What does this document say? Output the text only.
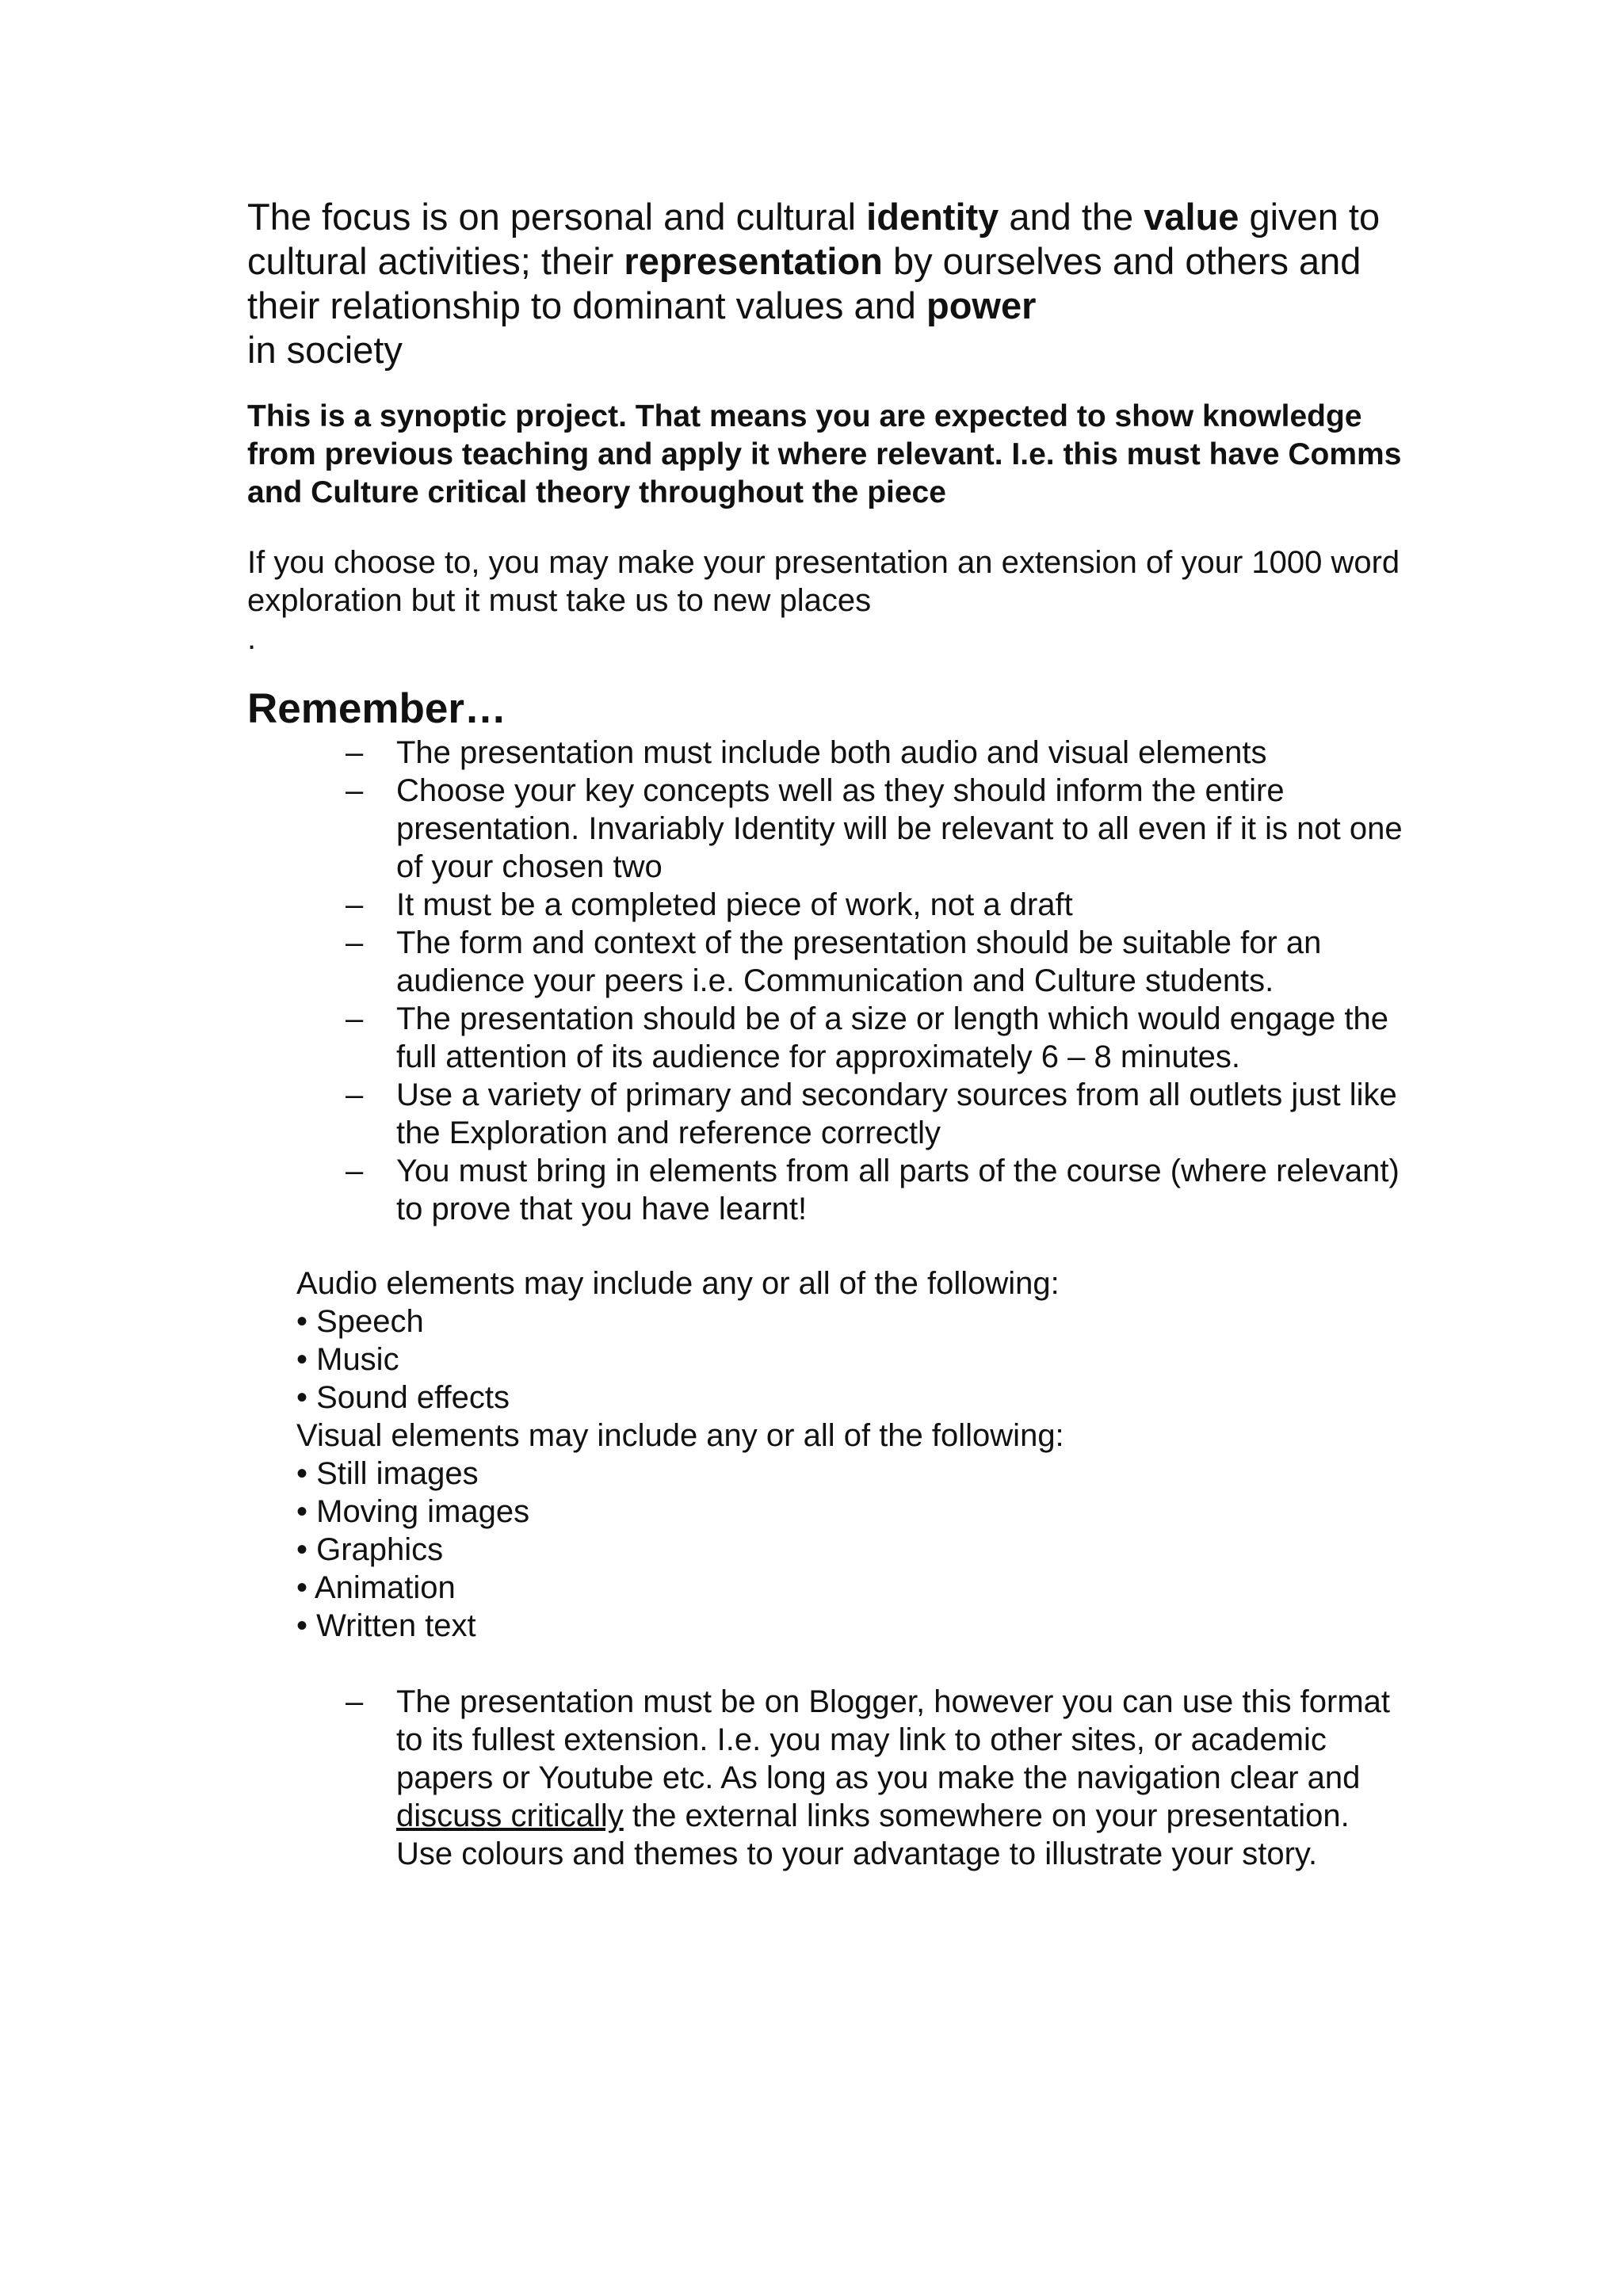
The focus is on personal and cultural identity and the value given to cultural activities; their representation by ourselves and others and their relationship to dominant values and power
in society

This is a synoptic project. That means you are expected to show knowledge from previous teaching and apply it where relevant. I.e. this must have Comms and Culture critical theory throughout the piece

If you choose to, you may make your presentation an extension of your 1000 word exploration but it must take us to new places

.

Remember…
– The presentation must include both audio and visual elements
– Choose your key concepts well as they should inform the entire presentation. Invariably Identity will be relevant to all even if it is not one of your chosen two
– It must be a completed piece of work, not a draft
– The form and context of the presentation should be suitable for an audience your peers i.e. Communication and Culture students.
– The presentation should be of a size or length which would engage the full attention of its audience for approximately 6 – 8 minutes.
– Use a variety of primary and secondary sources from all outlets just like the Exploration and reference correctly
– You must bring in elements from all parts of the course (where relevant) to prove that you have learnt!

Audio elements may include any or all of the following:

• Speech

• Music

• Sound effects

Visual elements may include any or all of the following:

• Still images

• Moving images

• Graphics

• Animation

• Written text

– The presentation must be on Blogger, however you can use this format to its fullest extension. I.e. you may link to other sites, or academic papers or Youtube etc. As long as you make the navigation clear and discuss critically the external links somewhere on your presentation. Use colours and themes to your advantage to illustrate your story.
